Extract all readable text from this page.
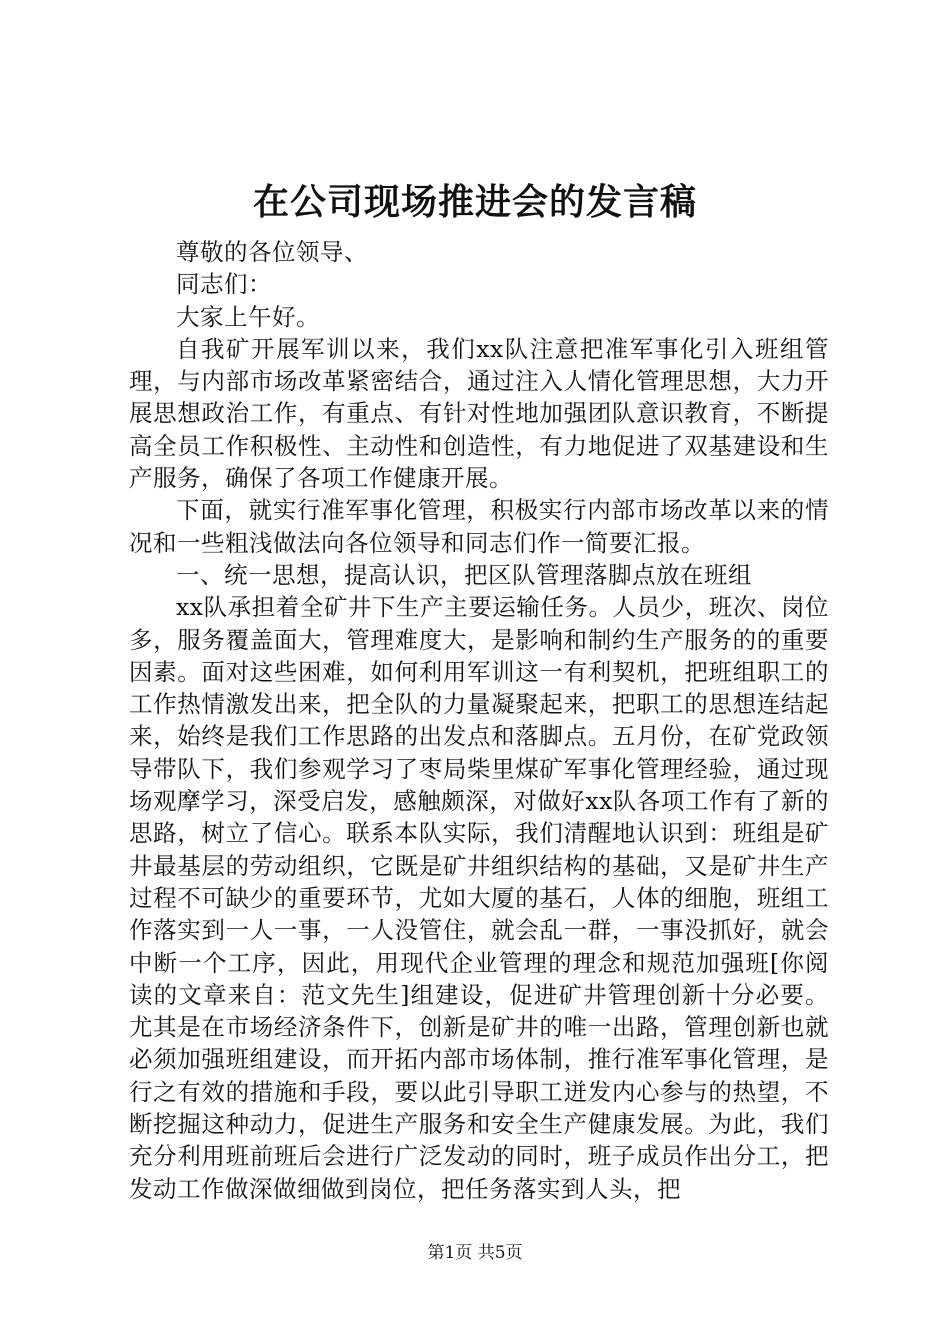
在公司现场推进会的发言稿

尊敬的各位领导、

同志们：

大家上午好。

自我矿开展军训以来，我们xx队注意把准军事化引入班组管理，与内部市场改革紧密结合，通过注入人情化管理思想，大力开展思想政治工作，有重点、有针对性地加强团队意识教育，不断提高全员工作积极性、主动性和创造性，有力地促进了双基建设和生产服务，确保了各项工作健康开展。

下面，就实行准军事化管理，积极实行内部市场改革以来的情况和一些粗浅做法向各位领导和同志们作一简要汇报。

一、统一思想，提高认识，把区队管理落脚点放在班组

xx队承担着全矿井下生产主要运输任务。人员少，班次、岗位多，服务覆盖面大，管理难度大，是影响和制约生产服务的的重要因素。面对这些困难，如何利用军训这一有利契机，把班组职工的工作热情激发出来，把全队的力量凝聚起来，把职工的思想连结起来，始终是我们工作思路的出发点和落脚点。五月份，在矿党政领导带队下，我们参观学习了枣局柴里煤矿军事化管理经验，通过现场观摩学习，深受启发，感触颇深，对做好xx队各项工作有了新的思路，树立了信心。联系本队实际，我们清醒地认识到：班组是矿井最基层的劳动组织，它既是矿井组织结构的基础，又是矿井生产过程不可缺少的重要环节，尤如大厦的基石，人体的细胞，班组工作落实到一人一事，一人没管住，就会乱一群，一事没抓好，就会中断一个工序，因此，用现代企业管理的理念和规范加强班[你阅读的文章来自：范文先生]组建设，促进矿井管理创新十分必要。尤其是在市场经济条件下，创新是矿井的唯一出路，管理创新也就必须加强班组建设，而开拓内部市场体制，推行准军事化管理，是行之有效的措施和手段，要以此引导职工迸发内心参与的热望，不断挖掘这种动力，促进生产服务和安全生产健康发展。为此，我们充分利用班前班后会进行广泛发动的同时，班子成员作出分工，把发动工作做深做细做到岗位，把任务落实到人头，把

第1页 共5页
